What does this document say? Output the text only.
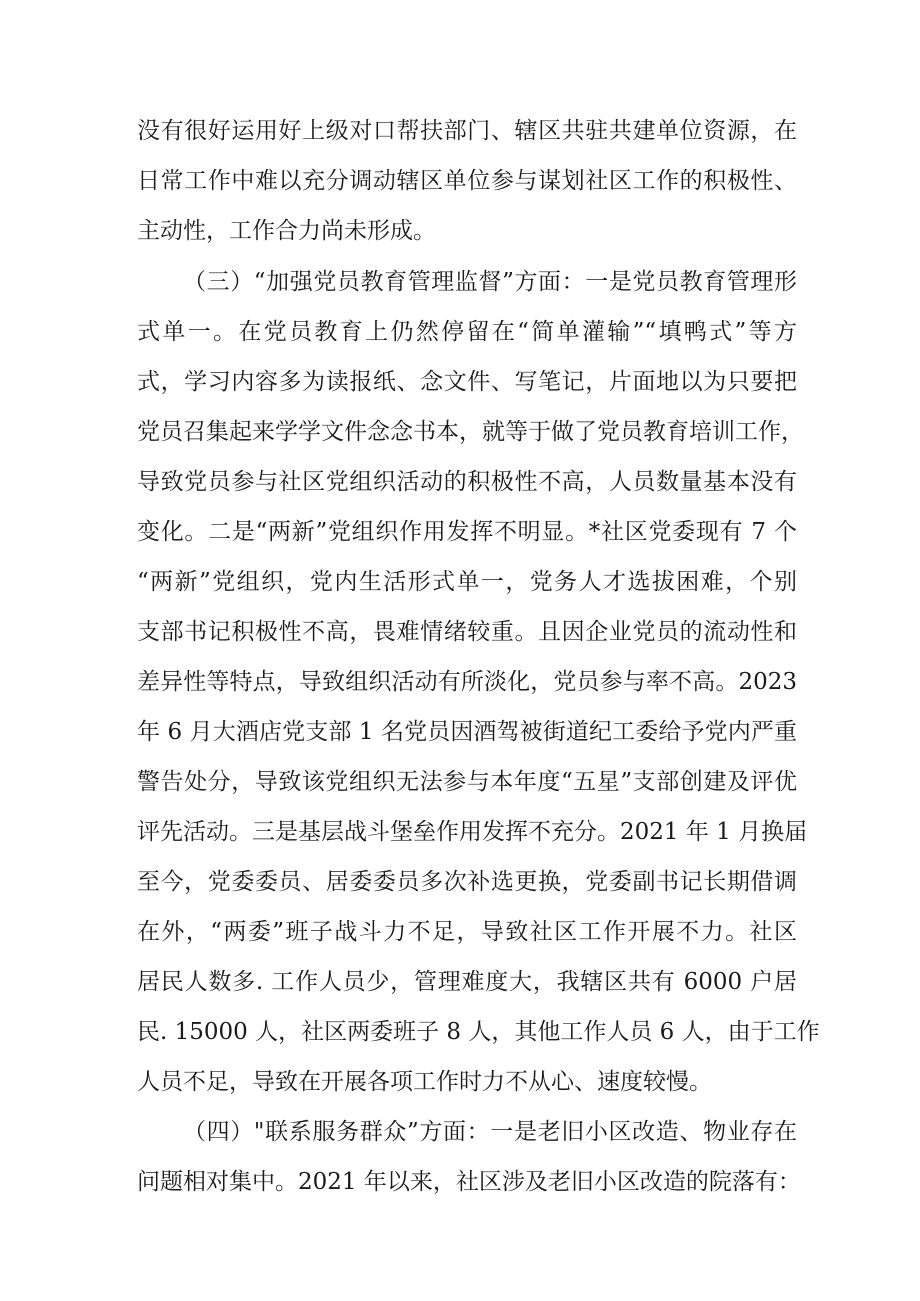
没有很好运用好上级对口帮扶部门、辖区共驻共建单位资源，在
日常工作中难以充分调动辖区单位参与谋划社区工作的积极性、
主动性，工作合力尚未形成。
（三）“加强党员教育管理监督”方面：一是党员教育管理形
式单一。在党员教育上仍然停留在“简单灌输”“填鸭式”等方
式，学习内容多为读报纸、念文件、写笔记，片面地以为只要把
党员召集起来学学文件念念书本，就等于做了党员教育培训工作，
导致党员参与社区党组织活动的积极性不高，人员数量基本没有
变化。二是“两新”党组织作用发挥不明显。*社区党委现有 7 个
“两新”党组织，党内生活形式单一，党务人才选拔困难，个别
支部书记积极性不高，畏难情绪较重。且因企业党员的流动性和
差异性等特点，导致组织活动有所淡化，党员参与率不高。2023
年 6 月大酒店党支部 1 名党员因酒驾被街道纪工委给予党内严重
警告处分，导致该党组织无法参与本年度“五星”支部创建及评优
评先活动。三是基层战斗堡垒作用发挥不充分。2021 年 1 月换届
至今，党委委员、居委委员多次补选更换，党委副书记长期借调
在外，“两委”班子战斗力不足，导致社区工作开展不力。社区
居民人数多. 工作人员少，管理难度大，我辖区共有 6000 户居
民. 15000 人，社区两委班子 8 人，其他工作人员 6 人，由于工作
人员不足，导致在开展各项工作时力不从心、速度较慢。
（四）"联系服务群众”方面：一是老旧小区改造、物业存在
问题相对集中。2021 年以来，社区涉及老旧小区改造的院落有：
